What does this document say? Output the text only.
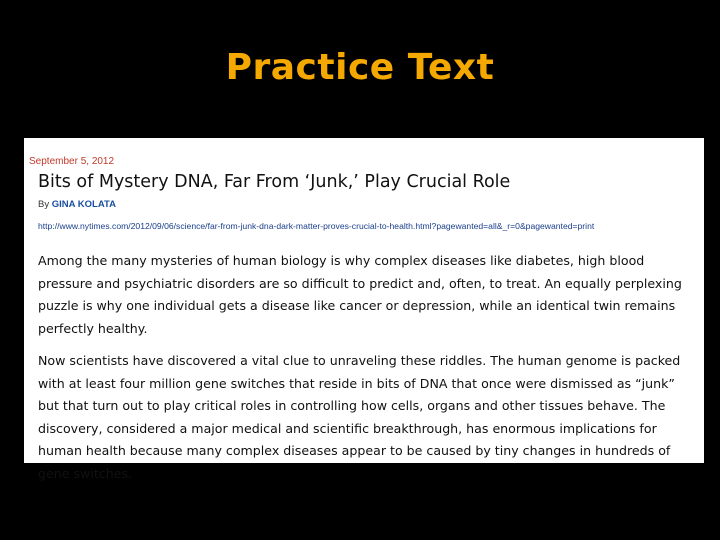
Practice Text
September 5, 2012
Bits of Mystery DNA, Far From ‘Junk,’ Play Crucial Role
By GINA KOLATA
http://www.nytimes.com/2012/09/06/science/far-from-junk-dna-dark-matter-proves-crucial-to-health.html?pagewanted=all&_r=0&pagewanted=print

Among the many mysteries of human biology is why complex diseases like diabetes, high blood pressure and psychiatric disorders are so difficult to predict and, often, to treat. An equally perplexing puzzle is why one individual gets a disease like cancer or depression, while an identical twin remains perfectly healthy.

Now scientists have discovered a vital clue to unraveling these riddles. The human genome is packed with at least four million gene switches that reside in bits of DNA that once were dismissed as “junk” but that turn out to play critical roles in controlling how cells, organs and other tissues behave. The discovery, considered a major medical and scientific breakthrough, has enormous implications for human health because many complex diseases appear to be caused by tiny changes in hundreds of gene switches.
